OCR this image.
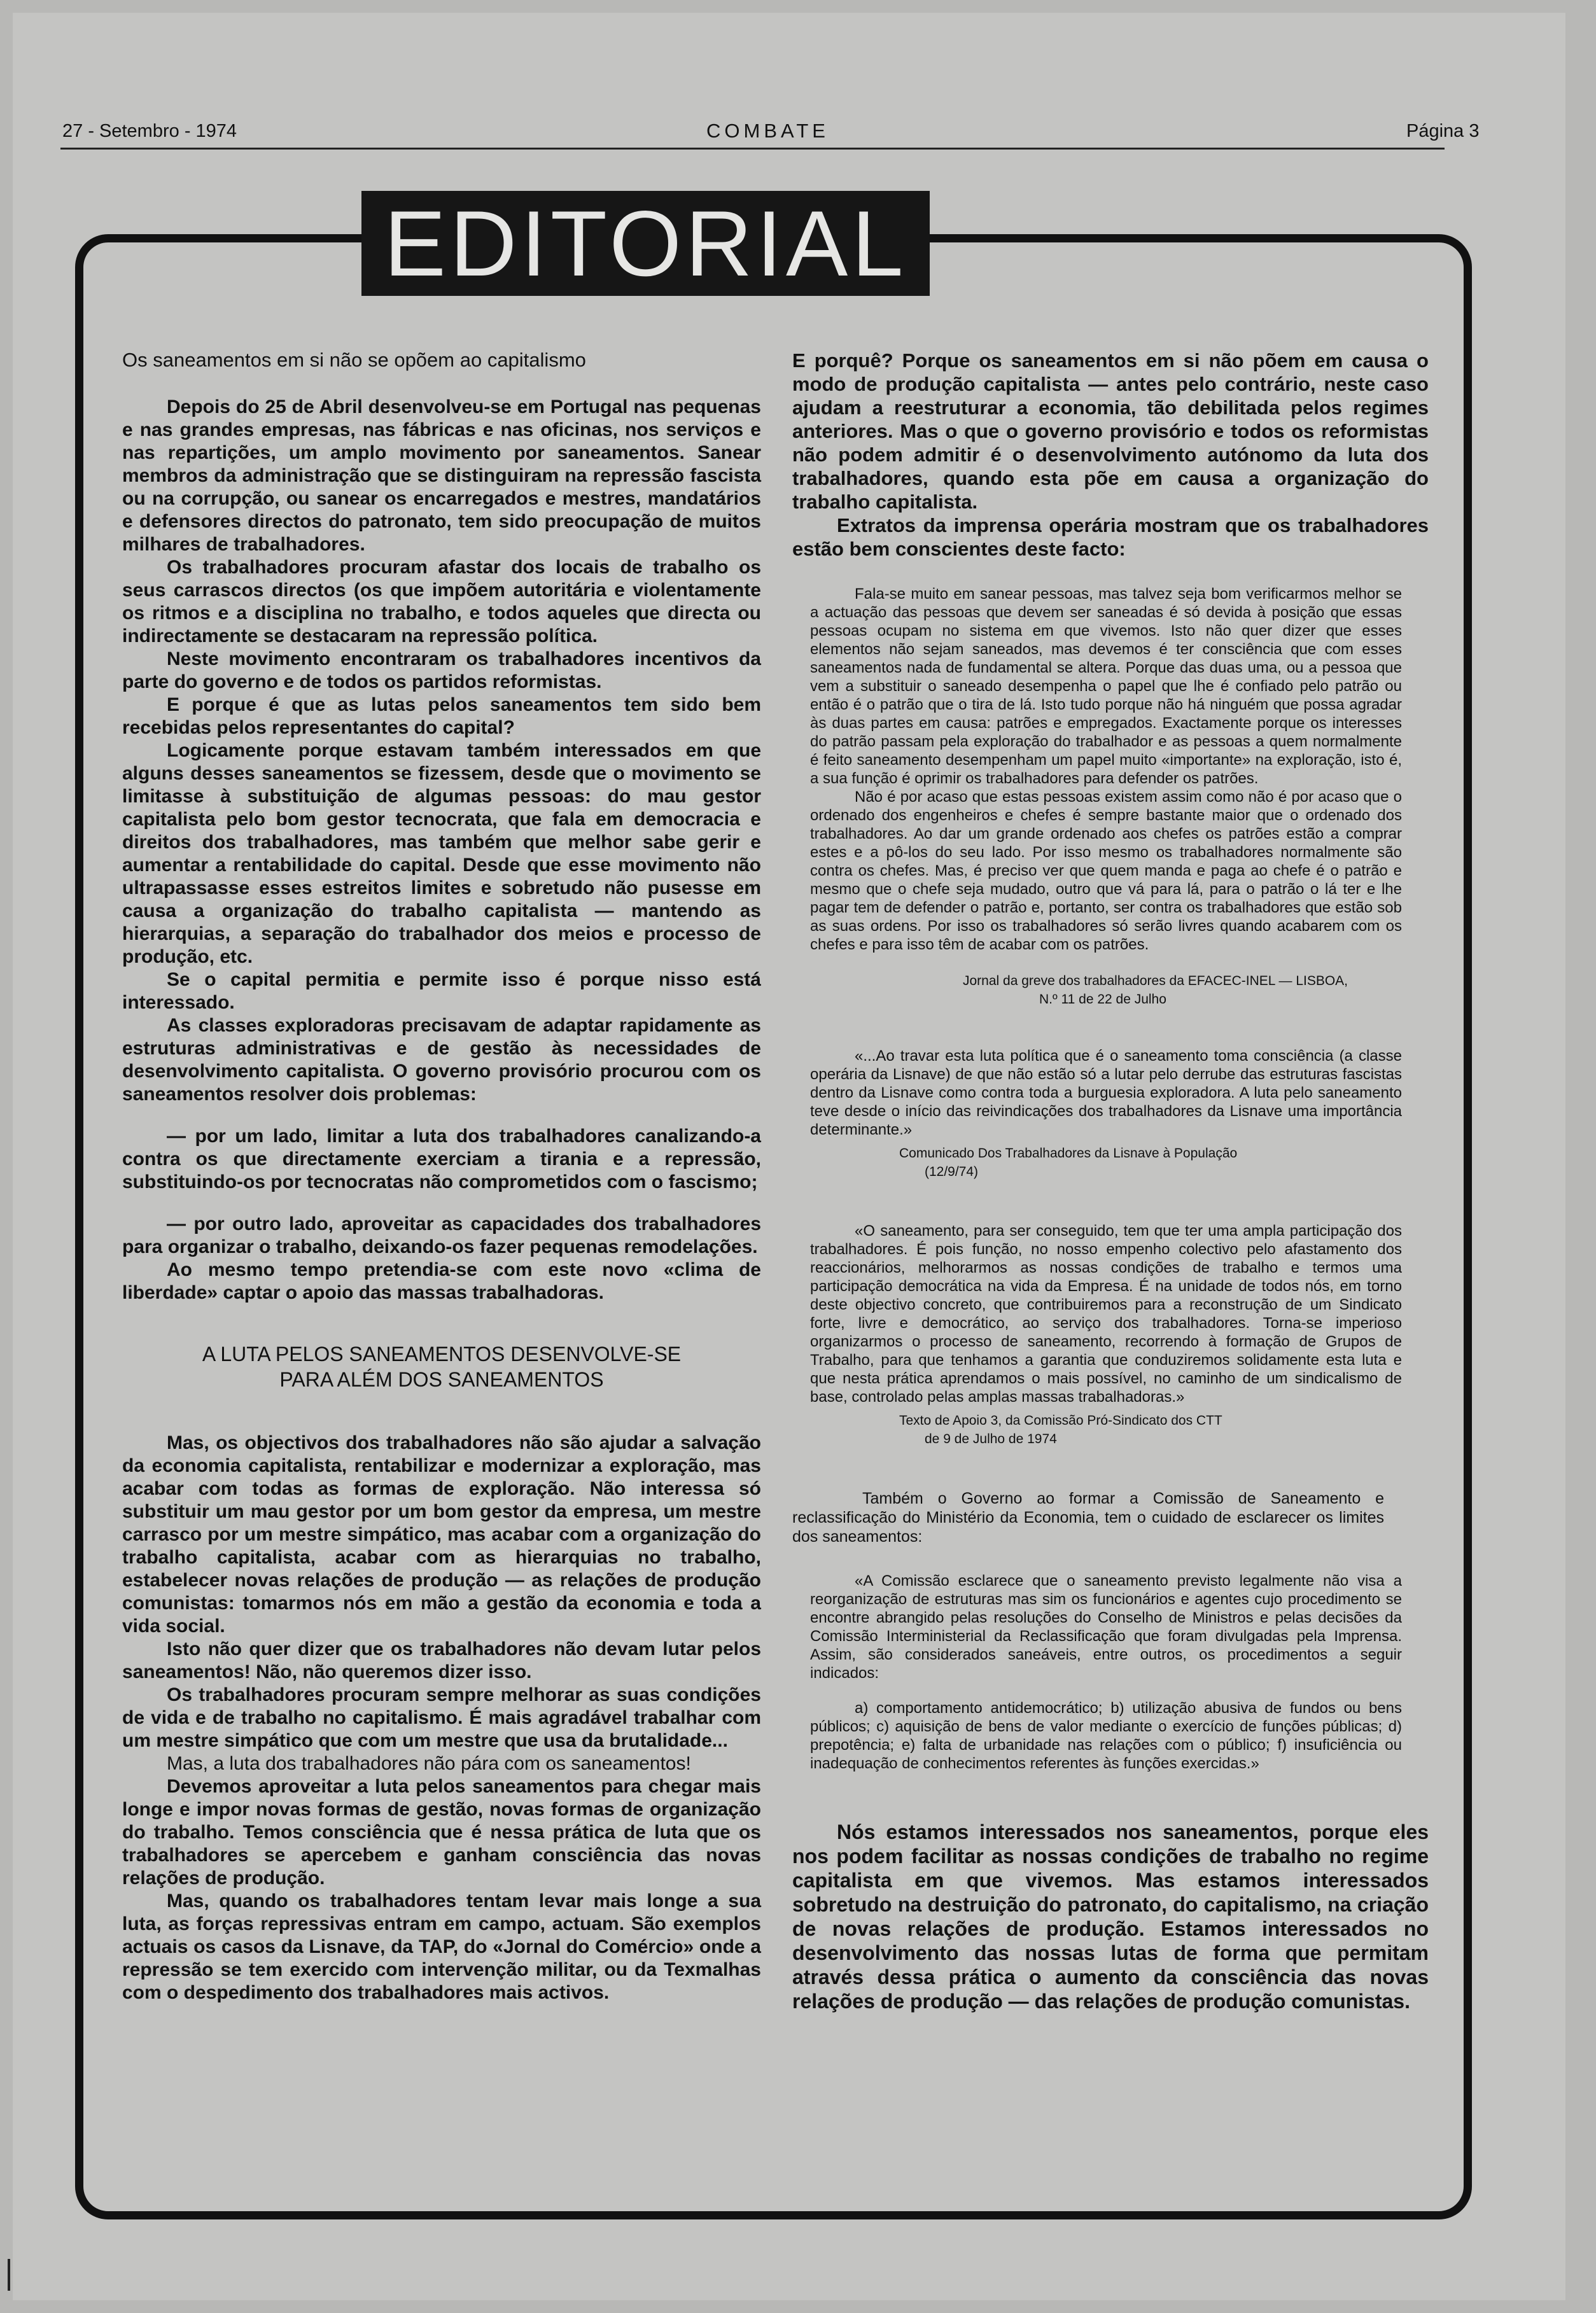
27 - Setembro - 1974	COMBATE	Página 3
EDITORIAL

Os saneamentos em si não se opõem ao capitalismo

Depois do 25 de Abril desenvolveu-se em Portugal nas pequenas e nas grandes empresas, nas fábricas e nas oficinas, nos serviços e nas repartições, um amplo movimento por saneamentos. Sanear membros da administração que se distinguiram na repressão fascista ou na corrupção, ou sanear os encarregados e mestres, mandatários e defensores directos do patronato, tem sido preocupação de muitos milhares de trabalhadores.

Os trabalhadores procuram afastar dos locais de trabalho os seus carrascos directos (os que impõem autoritária e violentamente os ritmos e a disciplina no trabalho, e todos aqueles que directa ou indirectamente se destacaram na repressão política.

Neste movimento encontraram os trabalhadores incentivos da parte do governo e de todos os partidos reformistas.

E porque é que as lutas pelos saneamentos tem sido bem recebidas pelos representantes do capital?

Logicamente porque estavam também interessados em que alguns desses saneamentos se fizessem, desde que o movimento se limitasse à substituição de algumas pessoas: do mau gestor capitalista pelo bom gestor tecnocrata, que fala em democracia e direitos dos trabalhadores, mas também que melhor sabe gerir e aumentar a rentabilidade do capital. Desde que esse movimento não ultrapassasse esses estreitos limites e sobretudo não pusesse em causa a organização do trabalho capitalista — mantendo as hierarquias, a separação do trabalhador dos meios e processo de produção, etc.

Se o capital permitia e permite isso é porque nisso está interessado.

As classes exploradoras precisavam de adaptar rapidamente as estruturas administrativas e de gestão às necessidades de desenvolvimento capitalista. O governo provisório procurou com os saneamentos resolver dois problemas:

— por um lado, limitar a luta dos trabalhadores canalizando-a contra os que directamente exerciam a tirania e a repressão, substituindo-os por tecnocratas não comprometidos com o fascismo;

— por outro lado, aproveitar as capacidades dos trabalhadores para organizar o trabalho, deixando-os fazer pequenas remodelações.

Ao mesmo tempo pretendia-se com este novo «clima de liberdade» captar o apoio das massas trabalhadoras.

A LUTA PELOS SANEAMENTOS DESENVOLVE-SE
PARA ALÉM DOS SANEAMENTOS

Mas, os objectivos dos trabalhadores não são ajudar a salvação da economia capitalista, rentabilizar e modernizar a exploração, mas acabar com todas as formas de exploração. Não interessa só substituir um mau gestor por um bom gestor da empresa, um mestre carrasco por um mestre simpático, mas acabar com a organização do trabalho capitalista, acabar com as hierarquias no trabalho, estabelecer novas relações de produção — as relações de produção comunistas: tomarmos nós em mão a gestão da economia e toda a vida social.

Isto não quer dizer que os trabalhadores não devam lutar pelos saneamentos! Não, não queremos dizer isso.

Os trabalhadores procuram sempre melhorar as suas condições de vida e de trabalho no capitalismo. É mais agradável trabalhar com um mestre simpático que com um mestre que usa da brutalidade...

Mas, a luta dos trabalhadores não pára com os saneamentos!

Devemos aproveitar a luta pelos saneamentos para chegar mais longe e impor novas formas de gestão, novas formas de organização do trabalho. Temos consciência que é nessa prática de luta que os trabalhadores se apercebem e ganham consciência das novas relações de produção.

Mas, quando os trabalhadores tentam levar mais longe a sua luta, as forças repressivas entram em campo, actuam. São exemplos actuais os casos da Lisnave, da TAP, do «Jornal do Comércio» onde a repressão se tem exercido com intervenção militar, ou da Texmalhas com o despedimento dos trabalhadores mais activos.

E porquê? Porque os saneamentos em si não põem em causa o modo de produção capitalista — antes pelo contrário, neste caso ajudam a reestruturar a economia, tão debilitada pelos regimes anteriores. Mas o que o governo provisório e todos os reformistas não podem admitir é o desenvolvimento autónomo da luta dos trabalhadores, quando esta põe em causa a organização do trabalho capitalista.

Extratos da imprensa operária mostram que os trabalhadores estão bem conscientes deste facto:

Fala-se muito em sanear pessoas, mas talvez seja bom verificarmos melhor se a actuação das pessoas que devem ser saneadas é só devida à posição que essas pessoas ocupam no sistema em que vivemos. Isto não quer dizer que esses elementos não sejam saneados, mas devemos é ter consciência que com esses saneamentos nada de fundamental se altera. Porque das duas uma, ou a pessoa que vem a substituir o saneado desempenha o papel que lhe é confiado pelo patrão ou então é o patrão que o tira de lá. Isto tudo porque não há ninguém que possa agradar às duas partes em causa: patrões e empregados. Exactamente porque os interesses do patrão passam pela exploração do trabalhador e as pessoas a quem normalmente é feito saneamento desempenham um papel muito «importante» na exploração, isto é, a sua função é oprimir os trabalhadores para defender os patrões.

Não é por acaso que estas pessoas existem assim como não é por acaso que o ordenado dos engenheiros e chefes é sempre bastante maior que o ordenado dos trabalhadores. Ao dar um grande ordenado aos chefes os patrões estão a comprar estes e a pô-los do seu lado. Por isso mesmo os trabalhadores normalmente são contra os chefes. Mas, é preciso ver que quem manda e paga ao chefe é o patrão e mesmo que o chefe seja mudado, outro que vá para lá, para o patrão o lá ter e lhe pagar tem de defender o patrão e, portanto, ser contra os trabalhadores que estão sob as suas ordens. Por isso os trabalhadores só serão livres quando acabarem com os chefes e para isso têm de acabar com os patrões.

Jornal da greve dos trabalhadores da EFACEC-INEL — LISBOA,
N.º 11 de 22 de Julho

«...Ao travar esta luta política que é o saneamento toma consciência (a classe operária da Lisnave) de que não estão só a lutar pelo derrube das estruturas fascistas dentro da Lisnave como contra toda a burguesia exploradora. A luta pelo saneamento teve desde o início das reivindicações dos trabalhadores da Lisnave uma importância determinante.»

Comunicado Dos Trabalhadores da Lisnave à População
(12/9/74)

«O saneamento, para ser conseguido, tem que ter uma ampla participação dos trabalhadores. É pois função, no nosso empenho colectivo pelo afastamento dos reaccionários, melhorarmos as nossas condições de trabalho e termos uma participação democrática na vida da Empresa. É na unidade de todos nós, em torno deste objectivo concreto, que contribuiremos para a reconstrução de um Sindicato forte, livre e democrático, ao serviço dos trabalhadores. Torna-se imperioso organizarmos o processo de saneamento, recorrendo à formação de Grupos de Trabalho, para que tenhamos a garantia que conduziremos solidamente esta luta e que nesta prática aprendamos o mais possível, no caminho de um sindicalismo de base, controlado pelas amplas massas trabalhadoras.»

Texto de Apoio 3, da Comissão Pró-Sindicato dos CTT
de 9 de Julho de 1974

Também o Governo ao formar a Comissão de Saneamento e reclassificação do Ministério da Economia, tem o cuidado de esclarecer os limites dos saneamentos:

«A Comissão esclarece que o saneamento previsto legalmente não visa a reorganização de estruturas mas sim os funcionários e agentes cujo procedimento se encontre abrangido pelas resoluções do Conselho de Ministros e pelas decisões da Comissão Interministerial da Reclassificação que foram divulgadas pela Imprensa. Assim, são considerados saneáveis, entre outros, os procedimentos a seguir indicados:

a) comportamento antidemocrático; b) utilização abusiva de fundos ou bens públicos; c) aquisição de bens de valor mediante o exercício de funções públicas; d) prepotência; e) falta de urbanidade nas relações com o público; f) insuficiência ou inadequação de conhecimentos referentes às funções exercidas.»

Nós estamos interessados nos saneamentos, porque eles nos podem facilitar as nossas condições de trabalho no regime capitalista em que vivemos. Mas estamos interessados sobretudo na destruição do patronato, do capitalismo, na criação de novas relações de produção. Estamos interessados no desenvolvimento das nossas lutas de forma que permitam através dessa prática o aumento da consciência das novas relações de produção — das relações de produção comunistas.
